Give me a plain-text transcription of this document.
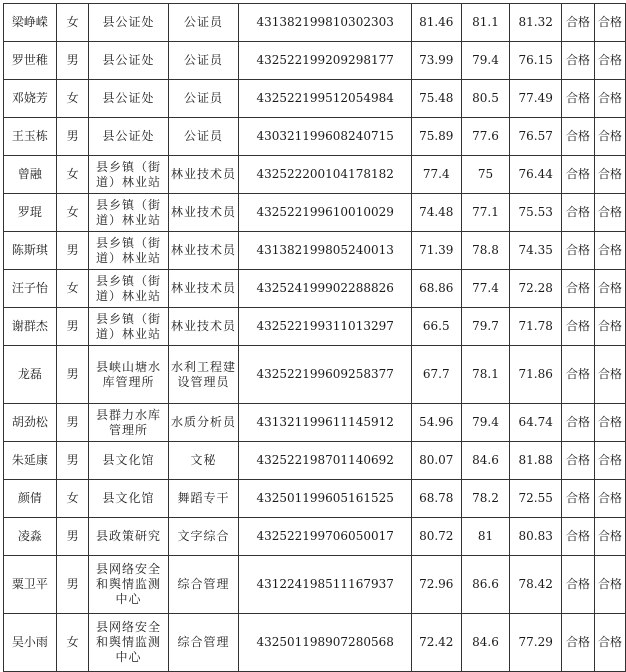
梁峥嵘	女	县公证处	公证员	431382199810302303	81.46	81.1	81.32	合格	合格
罗世稚	男	县公证处	公证员	432522199209298177	73.99	79.4	76.15	合格	合格
邓娆芳	女	县公证处	公证员	432522199512054984	75.48	80.5	77.49	合格	合格
王玉栋	男	县公证处	公证员	430321199608240715	75.89	77.6	76.57	合格	合格
曾融	女	县乡镇（街道）林业站	林业技术员	432522200104178182	77.4	75	76.44	合格	合格
罗琨	女	县乡镇（街道）林业站	林业技术员	432522199610010029	74.48	77.1	75.53	合格	合格
陈斯琪	男	县乡镇（街道）林业站	林业技术员	431382199805240013	71.39	78.8	74.35	合格	合格
汪子怡	女	县乡镇（街道）林业站	林业技术员	432524199902288826	68.86	77.4	72.28	合格	合格
谢群杰	男	县乡镇（街道）林业站	林业技术员	432522199311013297	66.5	79.7	71.78	合格	合格
龙磊	男	县峡山塘水库管理所	水利工程建设管理员	432522199609258377	67.7	78.1	71.86	合格	合格
胡劲松	男	县群力水库管理所	水质分析员	431321199611145912	54.96	79.4	64.74	合格	合格
朱延康	男	县文化馆	文秘	432522198701140692	80.07	84.6	81.88	合格	合格
颜倩	女	县文化馆	舞蹈专干	432501199605161525	68.78	78.2	72.55	合格	合格
凌淼	男	县政策研究	文字综合	432522199706050017	80.72	81	80.83	合格	合格
粟卫平	男	县网络安全和舆情监测中心	综合管理	431224198511167937	72.96	86.6	78.42	合格	合格
吴小雨	女	县网络安全和舆情监测中心	综合管理	432501198907280568	72.42	84.6	77.29	合格	合格
